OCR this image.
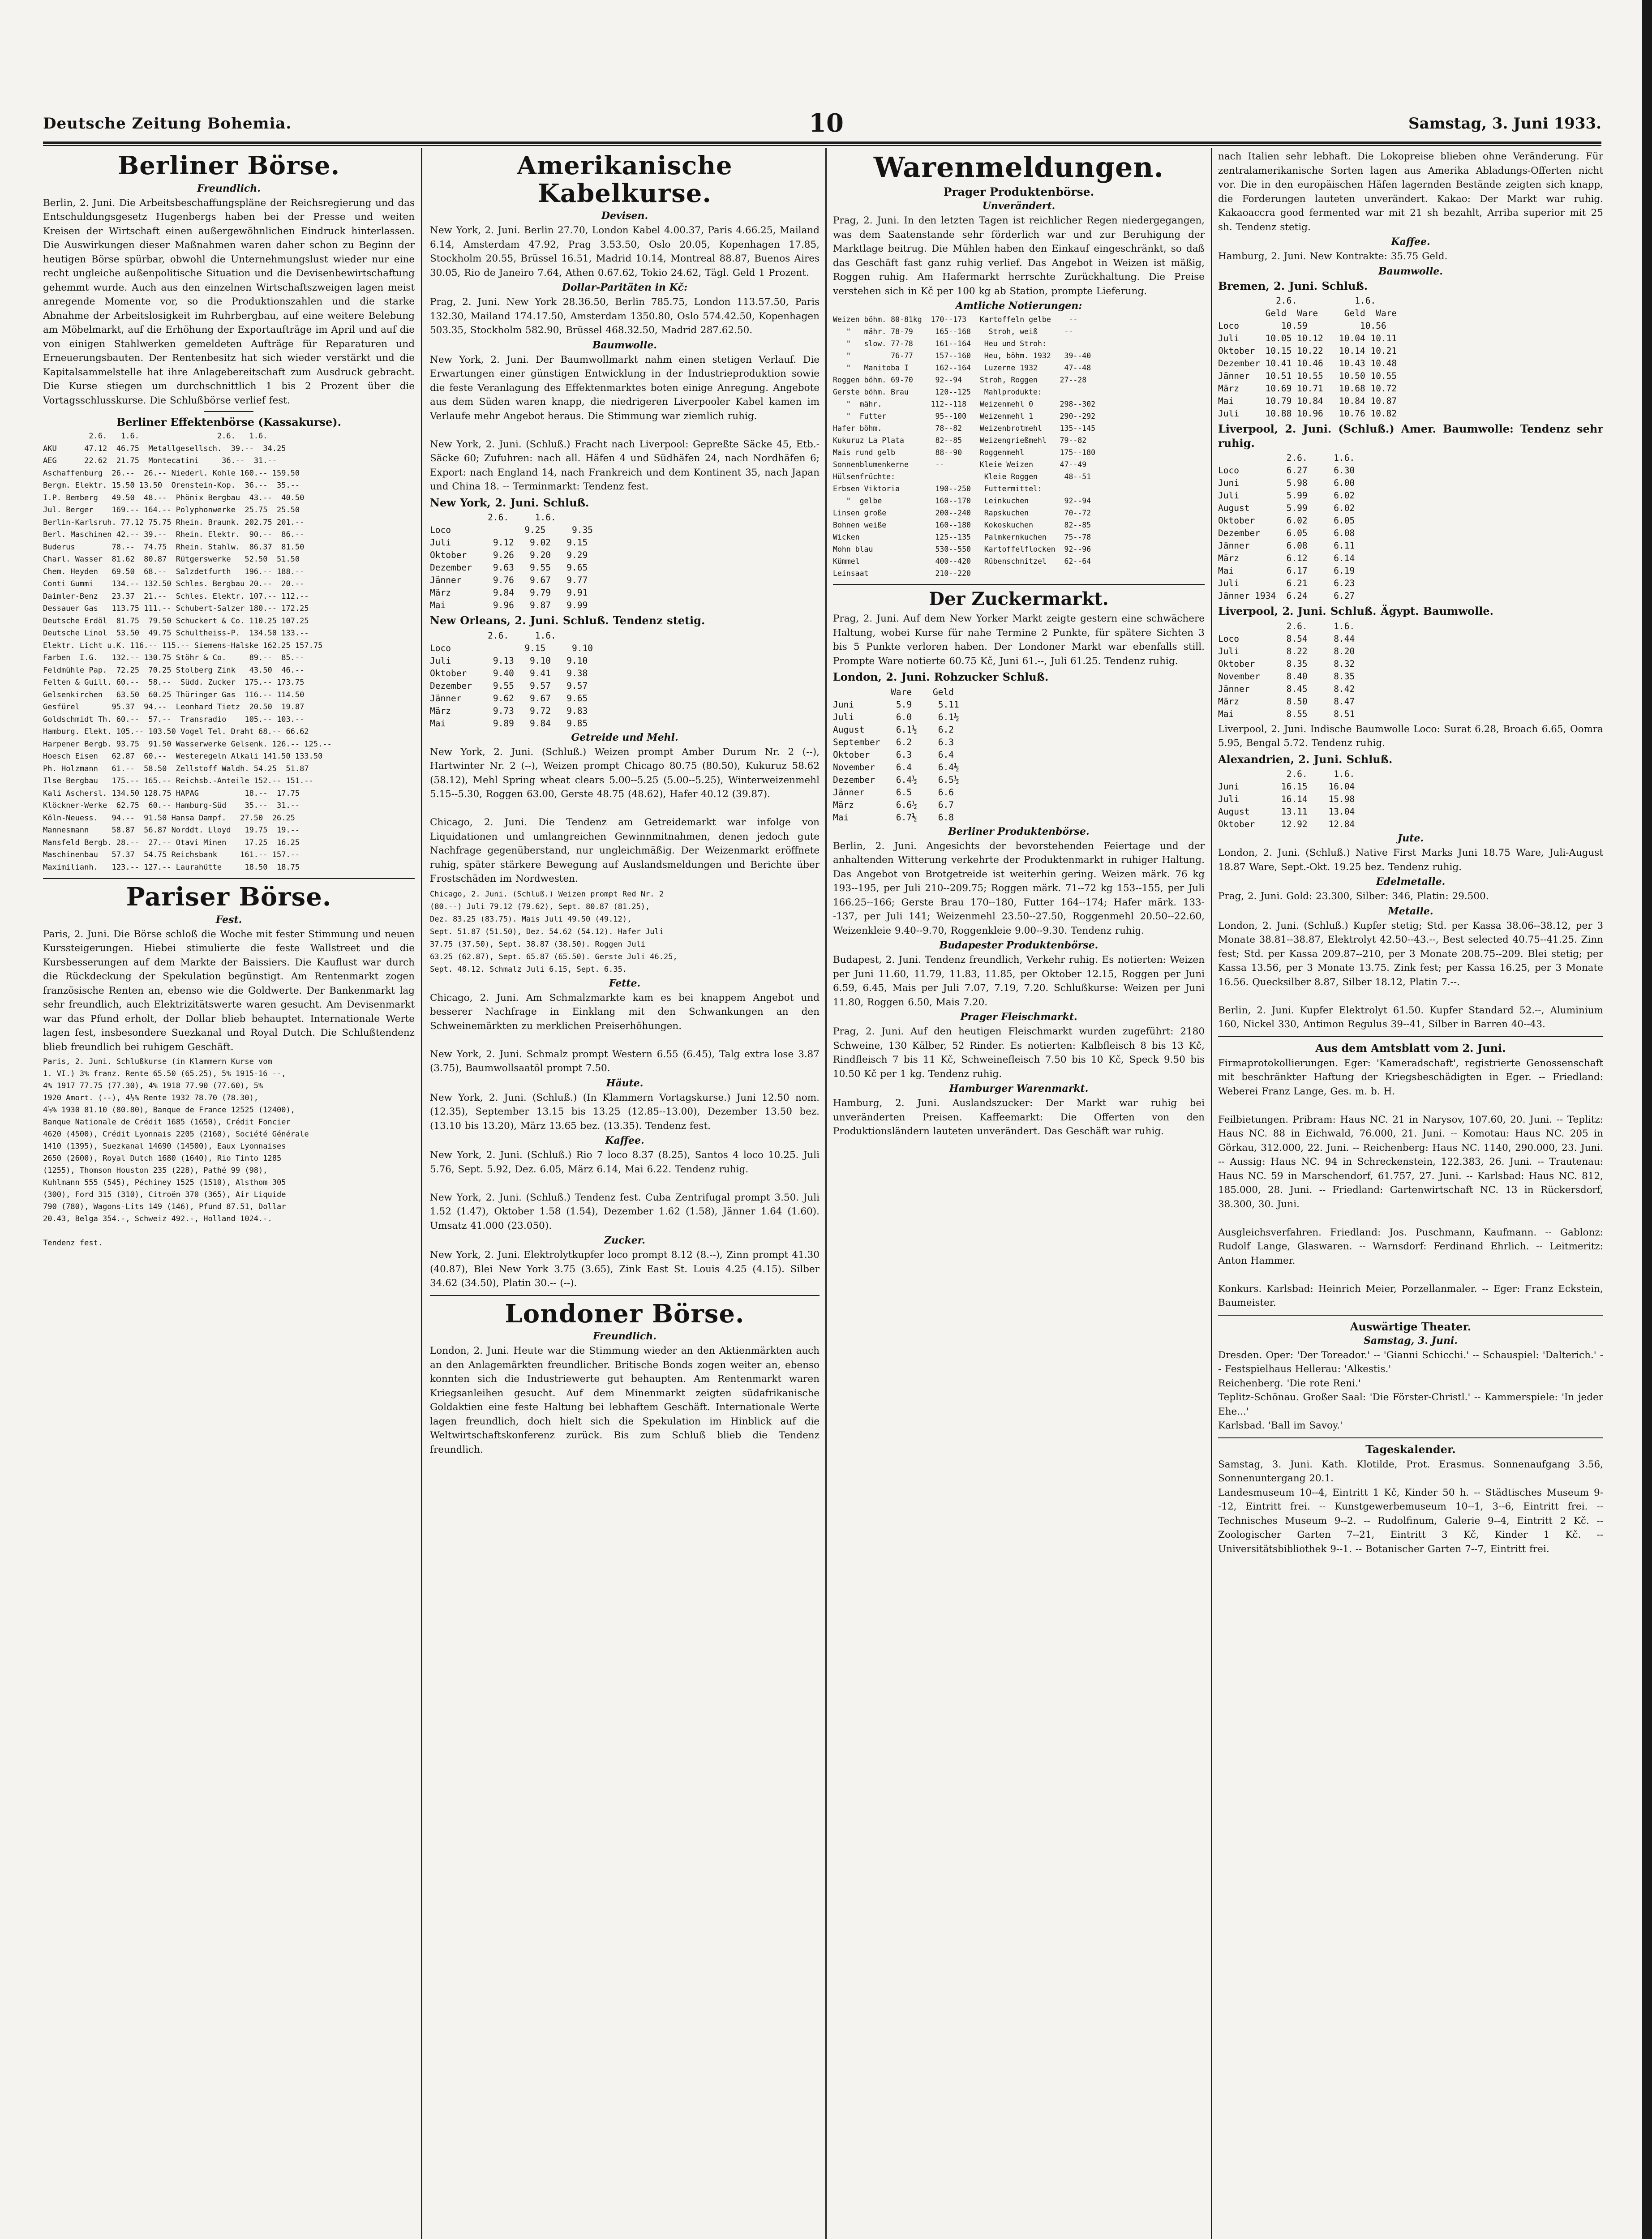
Deutsche Zeitung Bohemia.	10	Samstag, 3. Juni 1933.
Berliner Börse.
Freundlich.
Berlin, 2. Juni. Die Arbeitsbeschaffungspläne der Reichsregierung und das Entschuldungsgesetz Hugenbergs haben bei der Presse und weiten Kreisen der Wirtschaft einen außergewöhnlichen Eindruck hinterlassen. Die Auswirkungen dieser Maßnahmen waren daher schon zu Beginn der heutigen Börse spürbar, obwohl die Unternehmungslust wieder nur eine recht ungleiche außenpolitische Situation und die Devisenbewirtschaftung gehemmt wurde. Auch aus den einzelnen Wirtschaftszweigen lagen meist anregende Momente vor, so die Produktionszahlen und die starke Abnahme der Arbeitslosigkeit im Ruhrbergbau, auf eine weitere Belebung am Möbelmarkt, auf die Erhöhung der Exportaufträge im April und auf die von einigen Stahlwerken gemeldeten Aufträge für Reparaturen und Erneuerungsbauten. Der Rentenbesitz hat sich wieder verstärkt und die Kapitalsammelstelle hat ihre Anlagebereitschaft zum Ausdruck gebracht. Die Kurse stiegen um durchschnittlich 1 bis 2 Prozent über die Vortagsschlusskurse. Die Schlußbörse verlief fest.
Berliner Effektenbörse (Kassakurse).
2.6.   1.6.                 2.6.   1.6.
AKU      47.12  46.75  Metallgesellsch.  39.--  34.25
AEG      22.62  21.75  Montecatini     36.--  31.--
Aschaffenburg  26.--  26.-- Niederl. Kohle 160.-- 159.50
Bergm. Elektr. 15.50 13.50  Orenstein-Kop.  36.--  35.--
I.P. Bemberg   49.50  48.--  Phönix Bergbau  43.--  40.50
Jul. Berger    169.-- 164.-- Polyphonwerke  25.75  25.50
Berlin-Karlsruh. 77.12 75.75 Rhein. Braunk. 202.75 201.--
Berl. Maschinen 42.-- 39.--  Rhein. Elektr.  90.--  86.--
Buderus        78.--  74.75  Rhein. Stahlw.  86.37  81.50
Charl. Wasser  81.62  80.87  Rütgerswerke   52.50  51.50
Chem. Heyden   69.50  68.--  Salzdetfurth   196.-- 188.--
Conti Gummi    134.-- 132.50 Schles. Bergbau 20.--  20.--
Daimler-Benz   23.37  21.--  Schles. Elektr. 107.-- 112.--
Dessauer Gas   113.75 111.-- Schubert-Salzer 180.-- 172.25
Deutsche Erdöl  81.75  79.50 Schuckert & Co. 110.25 107.25
Deutsche Linol  53.50  49.75 Schultheiss-P.  134.50 133.--
Elektr. Licht u.K. 116.-- 115.-- Siemens-Halske 162.25 157.75
Farben  I.G.   132.-- 130.75 Stöhr & Co.     89.--  85.--
Feldmühle Pap.  72.25  70.25 Stolberg Zink   43.50  46.--
Felten & Guill. 60.--  58.--  Südd. Zucker  175.-- 173.75
Gelsenkirchen   63.50  60.25 Thüringer Gas  116.-- 114.50
Gesfürel       95.37  94.--  Leonhard Tietz  20.50  19.87
Goldschmidt Th. 60.--  57.--  Transradio    105.-- 103.--
Hamburg. Elekt. 105.-- 103.50 Vogel Tel. Draht 68.-- 66.62
Harpener Bergb. 93.75  91.50 Wasserwerke Gelsenk. 126.-- 125.--
Hoesch Eisen   62.87  60.--  Westeregeln Alkali 141.50 133.50
Ph. Holzmann   61.--  58.50  Zellstoff Waldh. 54.25  51.87
Ilse Bergbau   175.-- 165.-- Reichsb.-Anteile 152.-- 151.--
Kali Aschersl. 134.50 128.75 HAPAG          18.--  17.75
Klöckner-Werke  62.75  60.-- Hamburg-Süd    35.--  31.--
Köln-Neuess.   94.--  91.50 Hansa Dampf.   27.50  26.25
Mannesmann     58.87  56.87 Norddt. Lloyd   19.75  19.--
Mansfeld Bergb. 28.--  27.-- Otavi Minen    17.25  16.25
Maschinenbau   57.37  54.75 Reichsbank     161.-- 157.--
Maximilianh.   123.-- 127.-- Laurahütte     18.50  18.75
Pariser Börse.
Fest.
Paris, 2. Juni. Die Börse schloß die Woche mit fester Stimmung und neuen Kurssteigerungen. Hiebei stimulierte die feste Wallstreet und die Kursbesserungen auf dem Markte der Baissiers. Die Kauflust war durch die Rückdeckung der Spekulation begünstigt. Am Rentenmarkt zogen französische Renten an, ebenso wie die Goldwerte. Der Bankenmarkt lag sehr freundlich, auch Elektrizitätswerte waren gesucht. Am Devisenmarkt war das Pfund erholt, der Dollar blieb behauptet. Internationale Werte lagen fest, insbesondere Suezkanal und Royal Dutch. Die Schlußtendenz blieb freundlich bei ruhigem Geschäft.
Paris, 2. Juni. Schlußkurse (in Klammern Kurse vom
1. VI.) 3% franz. Rente 65.50 (65.25), 5% 1915-16 --,
4% 1917 77.75 (77.30), 4% 1918 77.90 (77.60), 5%
1920 Amort. (--), 4½% Rente 1932 78.70 (78.30),
4½% 1930 81.10 (80.80), Banque de France 12525 (12400),
Banque Nationale de Crédit 1685 (1650), Crédit Foncier
4620 (4500), Crédit Lyonnais 2205 (2160), Société Générale
1410 (1395), Suezkanal 14690 (14500), Eaux Lyonnaises
2650 (2600), Royal Dutch 1680 (1640), Rio Tinto 1285
(1255), Thomson Houston 235 (228), Pathé 99 (98),
Kuhlmann 555 (545), Péchiney 1525 (1510), Alsthom 305
(300), Ford 315 (310), Citroën 370 (365), Air Liquide
790 (780), Wagons-Lits 149 (146), Pfund 87.51, Dollar
20.43, Belga 354.-, Schweiz 492.-, Holland 1024.-.

Tendenz fest.
Amerikanische Kabelkurse.
Devisen.
New York, 2. Juni. Berlin 27.70, London Kabel 4.00.37, Paris 4.66.25, Mailand 6.14, Amsterdam 47.92, Prag 3.53.50, Oslo 20.05, Kopenhagen 17.85, Stockholm 20.55, Brüssel 16.51, Madrid 10.14, Montreal 88.87, Buenos Aires 30.05, Rio de Janeiro 7.64, Athen 0.67.62, Tokio 24.62, Tägl. Geld 1 Prozent.
Dollar-Paritäten in Kč:
Prag, 2. Juni. New York 28.36.50, Berlin 785.75, London 113.57.50, Paris 132.30, Mailand 174.17.50, Amsterdam 1350.80, Oslo 574.42.50, Kopenhagen 503.35, Stockholm 582.90, Brüssel 468.32.50, Madrid 287.62.50.
Baumwolle.
New York, 2. Juni. Der Baumwollmarkt nahm einen stetigen Verlauf. Die Erwartungen einer günstigen Entwicklung in der Industrieproduktion sowie die feste Veranlagung des Effektenmarktes boten einige Anregung. Angebote aus dem Süden waren knapp, die niedrigeren Liverpooler Kabel kamen im Verlaufe mehr Angebot heraus. Die Stimmung war ziemlich ruhig.

New York, 2. Juni. (Schluß.) Fracht nach Liverpool: Gepreßte Säcke 45, Etb.-Säcke 60; Zufuhren: nach all. Häfen 4 und Südhäfen 24, nach Nordhäfen 6; Export: nach England 14, nach Frankreich und dem Kontinent 35, nach Japan und China 18. -- Terminmarkt: Tendenz fest.
New York, 2. Juni. Schluß.
2.6.     1.6.
Loco              9.25     9.35
Juli        9.12   9.02   9.15
Oktober     9.26   9.20   9.29
Dezember    9.63   9.55   9.65
Jänner      9.76   9.67   9.77
März        9.84   9.79   9.91
Mai         9.96   9.87   9.99
New Orleans, 2. Juni. Schluß. Tendenz stetig.
2.6.     1.6.
Loco              9.15     9.10
Juli        9.13   9.10   9.10
Oktober     9.40   9.41   9.38
Dezember    9.55   9.57   9.57
Jänner      9.62   9.67   9.65
März        9.73   9.72   9.83
Mai         9.89   9.84   9.85
Getreide und Mehl.
New York, 2. Juni. (Schluß.) Weizen prompt Amber Durum Nr. 2 (--), Hartwinter Nr. 2 (--), Weizen prompt Chicago 80.75 (80.50), Kukuruz 58.62 (58.12), Mehl Spring wheat clears 5.00--5.25 (5.00--5.25), Winterweizenmehl 5.15--5.30, Roggen 63.00, Gerste 48.75 (48.62), Hafer 40.12 (39.87).

Chicago, 2. Juni. Die Tendenz am Getreidemarkt war infolge von Liquidationen und umlangreichen Gewinnmitnahmen, denen jedoch gute Nachfrage gegenüberstand, nur ungleichmäßig. Der Weizenmarkt eröffnete ruhig, später stärkere Bewegung auf Auslandsmeldungen und Berichte über Frostschäden im Nordwesten.
Chicago, 2. Juni. (Schluß.) Weizen prompt Red Nr. 2
(80.--) Juli 79.12 (79.62), Sept. 80.87 (81.25),
Dez. 83.25 (83.75). Mais Juli 49.50 (49.12),
Sept. 51.87 (51.50), Dez. 54.62 (54.12). Hafer Juli
37.75 (37.50), Sept. 38.87 (38.50). Roggen Juli
63.25 (62.87), Sept. 65.87 (65.50). Gerste Juli 46.25,
Sept. 48.12. Schmalz Juli 6.15, Sept. 6.35.
Fette.
Chicago, 2. Juni. Am Schmalzmarkte kam es bei knappem Angebot und besserer Nachfrage in Einklang mit den Schwankungen an den Schweinemärkten zu merklichen Preiserhöhungen.

New York, 2. Juni. Schmalz prompt Western 6.55 (6.45), Talg extra lose 3.87 (3.75), Baumwollsaatöl prompt 7.50.
Häute.
New York, 2. Juni. (Schluß.) (In Klammern Vortagskurse.) Juni 12.50 nom. (12.35), September 13.15 bis 13.25 (12.85--13.00), Dezember 13.50 bez. (13.10 bis 13.20), März 13.65 bez. (13.35). Tendenz fest.
Kaffee.
New York, 2. Juni. (Schluß.) Rio 7 loco 8.37 (8.25), Santos 4 loco 10.25. Juli 5.76, Sept. 5.92, Dez. 6.05, März 6.14, Mai 6.22. Tendenz ruhig.

New York, 2. Juni. (Schluß.) Tendenz fest. Cuba Zentrifugal prompt 3.50. Juli 1.52 (1.47), Oktober 1.58 (1.54), Dezember 1.62 (1.58), Jänner 1.64 (1.60). Umsatz 41.000 (23.050).
Zucker.
New York, 2. Juni. Elektrolytkupfer loco prompt 8.12 (8.--), Zinn prompt 41.30 (40.87), Blei New York 3.75 (3.65), Zink East St. Louis 4.25 (4.15). Silber 34.62 (34.50), Platin 30.-- (--).
Londoner Börse.
Freundlich.
London, 2. Juni. Heute war die Stimmung wieder an den Aktienmärkten auch an den Anlagemärkten freundlicher. Britische Bonds zogen weiter an, ebenso konnten sich die Industriewerte gut behaupten. Am Rentenmarkt waren Kriegsanleihen gesucht. Auf dem Minenmarkt zeigten südafrikanische Goldaktien eine feste Haltung bei lebhaftem Geschäft. Internationale Werte lagen freundlich, doch hielt sich die Spekulation im Hinblick auf die Weltwirtschaftskonferenz zurück. Bis zum Schluß blieb die Tendenz freundlich.
Warenmeldungen.
Prager Produktenbörse.
Unverändert.
Prag, 2. Juni. In den letzten Tagen ist reichlicher Regen niedergegangen, was dem Saatenstande sehr förderlich war und zur Beruhigung der Marktlage beitrug. Die Mühlen haben den Einkauf eingeschränkt, so daß das Geschäft fast ganz ruhig verlief. Das Angebot in Weizen ist mäßig, Roggen ruhig. Am Hafermarkt herrschte Zurückhaltung. Die Preise verstehen sich in Kč per 100 kg ab Station, prompte Lieferung.
Amtliche Notierungen:
Weizen böhm. 80-81kg  170--173   Kartoffeln gelbe    --
"   mähr. 78-79     165--168    Stroh, weiß      --
"   slow. 77-78     161--164   Heu und Stroh:
"         76-77     157--160   Heu, böhm. 1932   39--40
"   Manitoba I      162--164   Luzerne 1932      47--48
Roggen böhm. 69-70     92--94    Stroh, Roggen     27--28
Gerste böhm. Brau      120--125   Mahlprodukte:
"  mähr.           112--118   Weizenmehl 0      298--302
"  Futter           95--100   Weizenmehl 1      290--292
Hafer böhm.            78--82    Weizenbrotmehl    135--145
Kukuruz La Plata       82--85    Weizengrießmehl   79--82
Mais rund gelb         88--90    Roggenmehl        175--180
Sonnenblumenkerne      --        Kleie Weizen      47--49
Hülsenfrüchte:                    Kleie Roggen      48--51
Erbsen Viktoria        190--250   Futtermittel:
"  gelbe            160--170   Leinkuchen        92--94
Linsen große           200--240   Rapskuchen        70--72
Bohnen weiße           160--180   Kokoskuchen       82--85
Wicken                 125--135   Palmkernkuchen    75--78
Mohn blau              530--550   Kartoffelflocken  92--96
Kümmel                 400--420   Rübenschnitzel    62--64
Leinsaat               210--220
Der Zuckermarkt.
Prag, 2. Juni. Auf dem New Yorker Markt zeigte gestern eine schwächere Haltung, wobei Kurse für nahe Termine 2 Punkte, für spätere Sichten 3 bis 5 Punkte verloren haben. Der Londoner Markt war ebenfalls still. Prompte Ware notierte 60.75 Kč, Juni 61.--, Juli 61.25. Tendenz ruhig.
London, 2. Juni. Rohzucker Schluß.
Ware    Geld
Juni        5.9     5.11
Juli        6.0     6.1½
August      6.1½    6.2
September   6.2     6.3
Oktober     6.3     6.4
November    6.4     6.4½
Dezember    6.4½    6.5½
Jänner      6.5     6.6
März        6.6½    6.7
Mai         6.7½    6.8
Berliner Produktenbörse.
Berlin, 2. Juni. Angesichts der bevorstehenden Feiertage und der anhaltenden Witterung verkehrte der Produktenmarkt in ruhiger Haltung. Das Angebot von Brotgetreide ist weiterhin gering. Weizen märk. 76 kg 193--195, per Juli 210--209.75; Roggen märk. 71--72 kg 153--155, per Juli 166.25--166; Gerste Brau 170--180, Futter 164--174; Hafer märk. 133--137, per Juli 141; Weizenmehl 23.50--27.50, Roggenmehl 20.50--22.60, Weizenkleie 9.40--9.70, Roggenkleie 9.00--9.30. Tendenz ruhig.
Budapester Produktenbörse.
Budapest, 2. Juni. Tendenz freundlich, Verkehr ruhig. Es notierten: Weizen per Juni 11.60, 11.79, 11.83, 11.85, per Oktober 12.15, Roggen per Juni 6.59, 6.45, Mais per Juli 7.07, 7.19, 7.20. Schlußkurse: Weizen per Juni 11.80, Roggen 6.50, Mais 7.20.
Prager Fleischmarkt.
Prag, 2. Juni. Auf den heutigen Fleischmarkt wurden zugeführt: 2180 Schweine, 130 Kälber, 52 Rinder. Es notierten: Kalbfleisch 8 bis 13 Kč, Rindfleisch 7 bis 11 Kč, Schweinefleisch 7.50 bis 10 Kč, Speck 9.50 bis 10.50 Kč per 1 kg. Tendenz ruhig.
Hamburger Warenmarkt.
Hamburg, 2. Juni. Auslandszucker: Der Markt war ruhig bei unveränderten Preisen. Kaffeemarkt: Die Offerten von den Produktionsländern lauteten unverändert. Das Geschäft war ruhig.
nach Italien sehr lebhaft. Die Lokopreise blieben ohne Veränderung. Für zentralamerikanische Sorten lagen aus Amerika Abladungs-Offerten nicht vor. Die in den europäischen Häfen lagernden Bestände zeigten sich knapp, die Forderungen lauteten unverändert. Kakao: Der Markt war ruhig. Kakaoaccra good fermented war mit 21 sh bezahlt, Arriba superior mit 25 sh. Tendenz stetig.
Kaffee.
Hamburg, 2. Juni. New Kontrakte: 35.75 Geld.
Baumwolle.
Bremen, 2. Juni. Schluß.
2.6.           1.6.
Geld  Ware     Geld  Ware
Loco        10.59          10.56
Juli     10.05 10.12   10.04 10.11
Oktober  10.15 10.22   10.14 10.21
Dezember 10.41 10.46   10.43 10.48
Jänner   10.51 10.55   10.50 10.55
März     10.69 10.71   10.68 10.72
Mai      10.79 10.84   10.84 10.87
Juli     10.88 10.96   10.76 10.82
Liverpool, 2. Juni. (Schluß.) Amer. Baumwolle: Tendenz sehr ruhig.
2.6.     1.6.
Loco         6.27     6.30
Juni         5.98     6.00
Juli         5.99     6.02
August       5.99     6.02
Oktober      6.02     6.05
Dezember     6.05     6.08
Jänner       6.08     6.11
März         6.12     6.14
Mai          6.17     6.19
Juli         6.21     6.23
Jänner 1934  6.24     6.27
Liverpool, 2. Juni. Schluß. Ägypt. Baumwolle.
2.6.     1.6.
Loco         8.54     8.44
Juli         8.22     8.20
Oktober      8.35     8.32
November     8.40     8.35
Jänner       8.45     8.42
März         8.50     8.47
Mai          8.55     8.51
Liverpool, 2. Juni. Indische Baumwolle Loco: Surat 6.28, Broach 6.65, Oomra 5.95, Bengal 5.72. Tendenz ruhig.
Alexandrien, 2. Juni. Schluß.
2.6.     1.6.
Juni        16.15    16.04
Juli        16.14    15.98
August      13.11    13.04
Oktober     12.92    12.84
Jute.
London, 2. Juni. (Schluß.) Native First Marks Juni 18.75 Ware, Juli-August 18.87 Ware, Sept.-Okt. 19.25 bez. Tendenz ruhig.
Edelmetalle.
Prag, 2. Juni. Gold: 23.300, Silber: 346, Platin: 29.500.
Metalle.
London, 2. Juni. (Schluß.) Kupfer stetig; Std. per Kassa 38.06--38.12, per 3 Monate 38.81--38.87, Elektrolyt 42.50--43.--, Best selected 40.75--41.25. Zinn fest; Std. per Kassa 209.87--210, per 3 Monate 208.75--209. Blei stetig; per Kassa 13.56, per 3 Monate 13.75. Zink fest; per Kassa 16.25, per 3 Monate 16.56. Quecksilber 8.87, Silber 18.12, Platin 7.--.

Berlin, 2. Juni. Kupfer Elektrolyt 61.50. Kupfer Standard 52.--, Aluminium 160, Nickel 330, Antimon Regulus 39--41, Silber in Barren 40--43.
Aus dem Amtsblatt vom 2. Juni.
Firmaprotokollierungen. Eger: 'Kameradschaft', registrierte Genossenschaft mit beschränkter Haftung der Kriegsbeschädigten in Eger. -- Friedland: Weberei Franz Lange, Ges. m. b. H.

Feilbietungen. Pribram: Haus NC. 21 in Narysov, 107.60, 20. Juni. -- Teplitz: Haus NC. 88 in Eichwald, 76.000, 21. Juni. -- Komotau: Haus NC. 205 in Görkau, 312.000, 22. Juni. -- Reichenberg: Haus NC. 1140, 290.000, 23. Juni. -- Aussig: Haus NC. 94 in Schreckenstein, 122.383, 26. Juni. -- Trautenau: Haus NC. 59 in Marschendorf, 61.757, 27. Juni. -- Karlsbad: Haus NC. 812, 185.000, 28. Juni. -- Friedland: Gartenwirtschaft NC. 13 in Rückersdorf, 38.300, 30. Juni.

Ausgleichsverfahren. Friedland: Jos. Puschmann, Kaufmann. -- Gablonz: Rudolf Lange, Glaswaren. -- Warnsdorf: Ferdinand Ehrlich. -- Leitmeritz: Anton Hammer.

Konkurs. Karlsbad: Heinrich Meier, Porzellanmaler. -- Eger: Franz Eckstein, Baumeister.
Auswärtige Theater.
Samstag, 3. Juni.
Dresden. Oper: 'Der Toreador.' -- 'Gianni Schicchi.' -- Schauspiel: 'Dalterich.' -- Festspielhaus Hellerau: 'Alkestis.'
Reichenberg. 'Die rote Reni.'
Teplitz-Schönau. Großer Saal: 'Die Förster-Christl.' -- Kammerspiele: 'In jeder Ehe...'
Karlsbad. 'Ball im Savoy.'
Tageskalender.
Samstag, 3. Juni. Kath. Klotilde, Prot. Erasmus. Sonnenaufgang 3.56, Sonnenuntergang 20.1.
Landesmuseum 10--4, Eintritt 1 Kč, Kinder 50 h. -- Städtisches Museum 9--12, Eintritt frei. -- Kunstgewerbemuseum 10--1, 3--6, Eintritt frei. -- Technisches Museum 9--2. -- Rudolfinum, Galerie 9--4, Eintritt 2 Kč. -- Zoologischer Garten 7--21, Eintritt 3 Kč, Kinder 1 Kč. -- Universitätsbibliothek 9--1. -- Botanischer Garten 7--7, Eintritt frei.
